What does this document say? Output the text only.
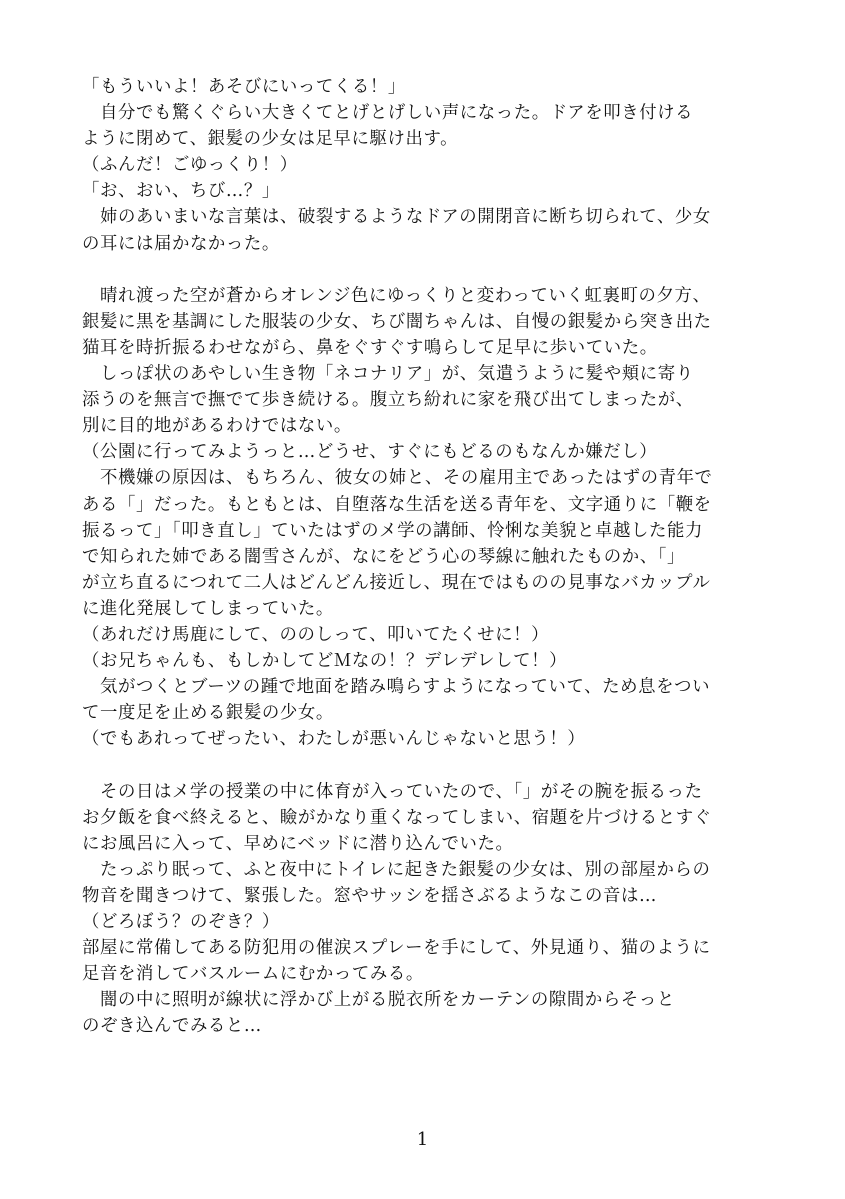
「もういいよ！あそびにいってくる！」
　自分でも驚くぐらい大きくてとげとげしい声になった。ドアを叩き付ける
ように閉めて、銀髪の少女は足早に駆け出す。
（ふんだ！ごゆっくり！）
「お、おい、ちび…？」
　姉のあいまいな言葉は、破裂するようなドアの開閉音に断ち切られて、少女
の耳には届かなかった。
　晴れ渡った空が蒼からオレンジ色にゆっくりと変わっていく虹裏町の夕方、
銀髪に黒を基調にした服装の少女、ちび闇ちゃんは、自慢の銀髪から突き出た
猫耳を時折振るわせながら、鼻をぐすぐす鳴らして足早に歩いていた。
　しっぽ状のあやしい生き物「ネコナリア」が、気遣うように髪や頬に寄り
添うのを無言で撫でて歩き続ける。腹立ち紛れに家を飛び出てしまったが、
別に目的地があるわけではない。
（公園に行ってみようっと…どうせ、すぐにもどるのもなんか嫌だし）
　不機嫌の原因は、もちろん、彼女の姉と、その雇用主であったはずの青年で
ある「」だった。もともとは、自堕落な生活を送る青年を、文字通りに「鞭を
振るって」「叩き直し」ていたはずのメ学の講師、怜悧な美貌と卓越した能力
で知られた姉である闇雪さんが、なにをどう心の琴線に触れたものか、「」
が立ち直るにつれて二人はどんどん接近し、現在ではものの見事なバカップル
に進化発展してしまっていた。
（あれだけ馬鹿にして、ののしって、叩いてたくせに！）
（お兄ちゃんも、もしかしてどＭなの！？デレデレして！）
　気がつくとブーツの踵で地面を踏み鳴らすようになっていて、ため息をつい
て一度足を止める銀髪の少女。
（でもあれってぜったい、わたしが悪いんじゃないと思う！）
　その日はメ学の授業の中に体育が入っていたので、「」がその腕を振るった
お夕飯を食べ終えると、瞼がかなり重くなってしまい、宿題を片づけるとすぐ
にお風呂に入って、早めにベッドに潜り込んでいた。
　たっぷり眠って、ふと夜中にトイレに起きた銀髪の少女は、別の部屋からの
物音を聞きつけて、緊張した。窓やサッシを揺さぶるようなこの音は…
（どろぼう？のぞき？）
部屋に常備してある防犯用の催涙スプレーを手にして、外見通り、猫のように
足音を消してバスルームにむかってみる。
　闇の中に照明が線状に浮かび上がる脱衣所をカーテンの隙間からそっと
のぞき込んでみると…
1
